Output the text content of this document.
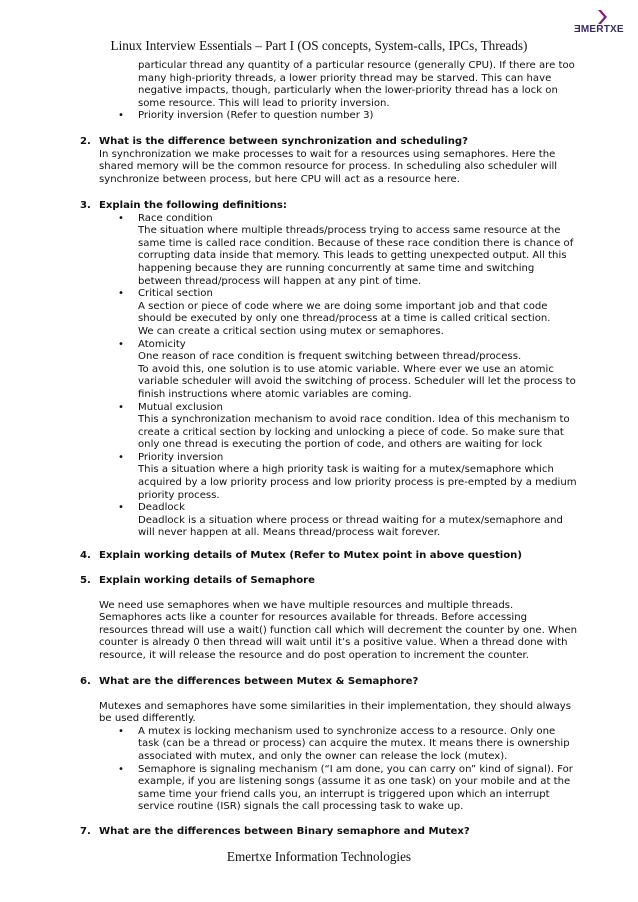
ƎMERTXE
Linux Interview Essentials – Part I (OS concepts, System-calls, IPCs, Threads)
particular thread any quantity of a particular resource (generally CPU). If there are too many high-priority threads, a lower priority thread may be starved. This can have negative impacts, though, particularly when the lower-priority thread has a lock on some resource. This will lead to priority inversion.
• Priority inversion (Refer to question number 3)
2. What is the difference between synchronization and scheduling?
In synchronization we make processes to wait for a resources using semaphores. Here the shared memory will be the common resource for process. In scheduling also scheduler will synchronize between process, but here CPU will act as a resource here.
3. Explain the following definitions:
• Race condition
The situation where multiple threads/process trying to access same resource at the same time is called race condition. Because of these race condition there is chance of corrupting data inside that memory. This leads to getting unexpected output. All this happening because they are running concurrently at same time and switching between thread/process will happen at any pint of time.
• Critical section
A section or piece of code where we are doing some important job and that code should be executed by only one thread/process at a time is called critical section.
We can create a critical section using mutex or semaphores.
• Atomicity
One reason of race condition is frequent switching between thread/process.
To avoid this, one solution is to use atomic variable. Where ever we use an atomic variable scheduler will avoid the switching of process. Scheduler will let the process to finish instructions where atomic variables are coming.
• Mutual exclusion
This a synchronization mechanism to avoid race condition. Idea of this mechanism to create a critical section by locking and unlocking a piece of code. So make sure that only one thread is executing the portion of code, and others are waiting for lock
• Priority inversion
This a situation where a high priority task is waiting for a mutex/semaphore which acquired by a low priority process and low priority process is pre-empted by a medium priority process.
• Deadlock
Deadlock is a situation where process or thread waiting for a mutex/semaphore and will never happen at all. Means thread/process wait forever.
4. Explain working details of Mutex (Refer to Mutex point in above question)
5. Explain working details of Semaphore
We need use semaphores when we have multiple resources and multiple threads. Semaphores acts like a counter for resources available for threads. Before accessing resources thread will use a wait() function call which will decrement the counter by one. When counter is already 0 then thread will wait until it’s a positive value. When a thread done with resource, it will release the resource and do post operation to increment the counter.
6. What are the differences between Mutex & Semaphore?
Mutexes and semaphores have some similarities in their implementation, they should always be used differently.
• A mutex is locking mechanism used to synchronize access to a resource. Only one task (can be a thread or process) can acquire the mutex. It means there is ownership associated with mutex, and only the owner can release the lock (mutex).
• Semaphore is signaling mechanism (“I am done, you can carry on” kind of signal). For example, if you are listening songs (assume it as one task) on your mobile and at the same time your friend calls you, an interrupt is triggered upon which an interrupt service routine (ISR) signals the call processing task to wake up.
7. What are the differences between Binary semaphore and Mutex?
Emertxe Information Technologies
